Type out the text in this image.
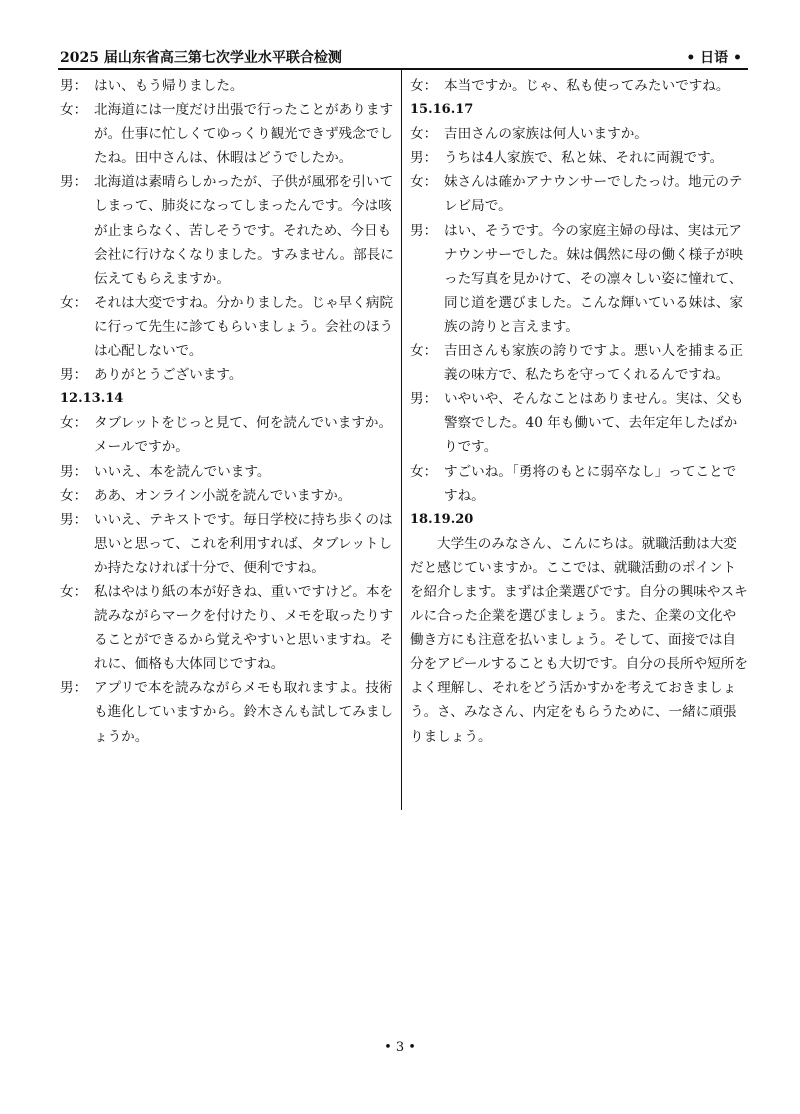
2025 届山东省高三第七次学业水平联合检测	• 日语 •
男： はい、もう帰りました。
女： 北海道には一度だけ出張で行ったことがありますが。仕事に忙しくてゆっくり観光できず残念でしたね。田中さんは、休暇はどうでしたか。
男： 北海道は素晴らしかったが、子供が風邪を引いてしまって、肺炎になってしまったんです。今は咳が止まらなく、苦しそうです。それため、今日も会社に行けなくなりました。すみません。部長に伝えてもらえますか。
女： それは大変ですね。分かりました。じゃ早く病院に行って先生に診てもらいましょう。会社のほうは心配しないで。
男： ありがとうございます。
12.13.14
女： タブレットをじっと見て、何を読んでいますか。メールですか。
男： いいえ、本を読んでいます。
女： ああ、オンライン小説を読んでいますか。
男： いいえ、テキストです。毎日学校に持ち歩くのは思いと思って、これを利用すれば、タブレットしか持たなければ十分で、便利ですね。
女： 私はやはり紙の本が好きね、重いですけど。本を読みながらマークを付けたり、メモを取ったりすることができるから覚えやすいと思いますね。それに、価格も大体同じですね。
男： アプリで本を読みながらメモも取れますよ。技術も進化していますから。鈴木さんも試してみましょうか。
女： 本当ですか。じゃ、私も使ってみたいですね。
15.16.17
女： 吉田さんの家族は何人いますか。
男： うちは4人家族で、私と妹、それに両親です。
女： 妹さんは確かアナウンサーでしたっけ。地元のテレビ局で。
男： はい、そうです。今の家庭主婦の母は、実は元アナウンサーでした。妹は偶然に母の働く様子が映った写真を見かけて、その凛々しい姿に憧れて、同じ道を選びました。こんな輝いている妹は、家族の誇りと言えます。
女： 吉田さんも家族の誇りですよ。悪い人を捕まる正義の味方で、私たちを守ってくれるんですね。
男： いやいや、そんなことはありません。実は、父も警察でした。40 年も働いて、去年定年したばかりです。
女： すごいね。「勇将のもとに弱卒なし」ってことですね。
18.19.20
大学生のみなさん、こんにちは。就職活動は大変だと感じていますか。ここでは、就職活動のポイントを紹介します。まずは企業選びです。自分の興味やスキルに合った企業を選びましょう。また、企業の文化や働き方にも注意を払いましょう。そして、面接では自分をアピールすることも大切です。自分の長所や短所をよく理解し、それをどう活かすかを考えておきましょう。さ、みなさん、内定をもらうために、一緒に頑張りましょう。
• 3 •
